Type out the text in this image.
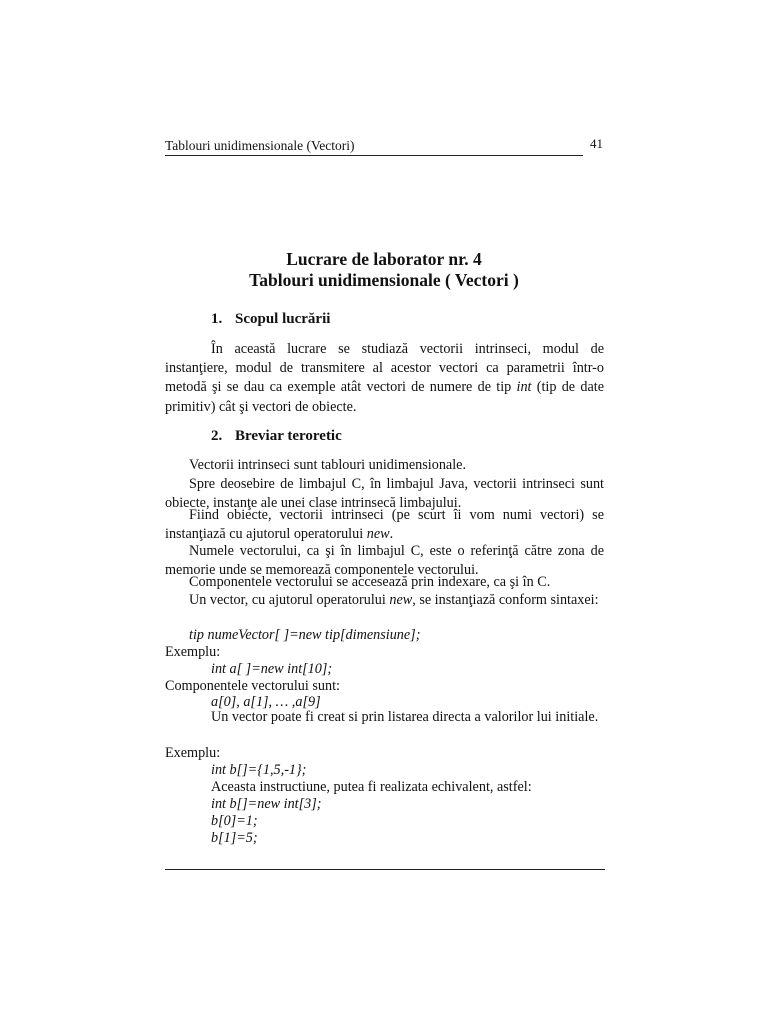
Tablouri unidimensionale (Vectori)	41
Lucrare de laborator nr. 4
Tablouri unidimensionale ( Vectori )
1. Scopul lucrării

În această lucrare se studiază vectorii intrinseci, modul de instanţiere, modul de transmitere al acestor vectori ca parametrii într-o metodă şi se dau ca exemple atât vectori de numere de tip int (tip de date primitiv) cât şi vectori de obiecte.

2. Breviar teroretic

Vectorii intrinseci sunt tablouri unidimensionale.

Spre deosebire de limbajul C, în limbajul Java, vectorii intrinseci sunt obiecte, instanţe ale unei clase intrinsecă limbajului.

Fiind obiecte, vectorii intrinseci (pe scurt îi vom numi vectori) se instanţiază cu ajutorul operatorului new.

Numele vectorului, ca şi în limbajul C, este o referinţă către zona de memorie unde se memorează componentele vectorului.

Componentele vectorului se accesează prin indexare, ca şi în C.

Un vector, cu ajutorul operatorului new, se instanţiază conform sintaxei:

tip numeVector[ ]=new tip[dimensiune];
Exemplu:
int a[ ]=new int[10];
Componentele vectorului sunt:
a[0], a[1], … ,a[9]

Un vector poate fi creat si prin listarea directa a valorilor lui initiale.

Exemplu:
int b[]={1,5,-1};
Aceasta instructiune, putea fi realizata echivalent, astfel:
int b[]=new int[3];
b[0]=1;
b[1]=5;
